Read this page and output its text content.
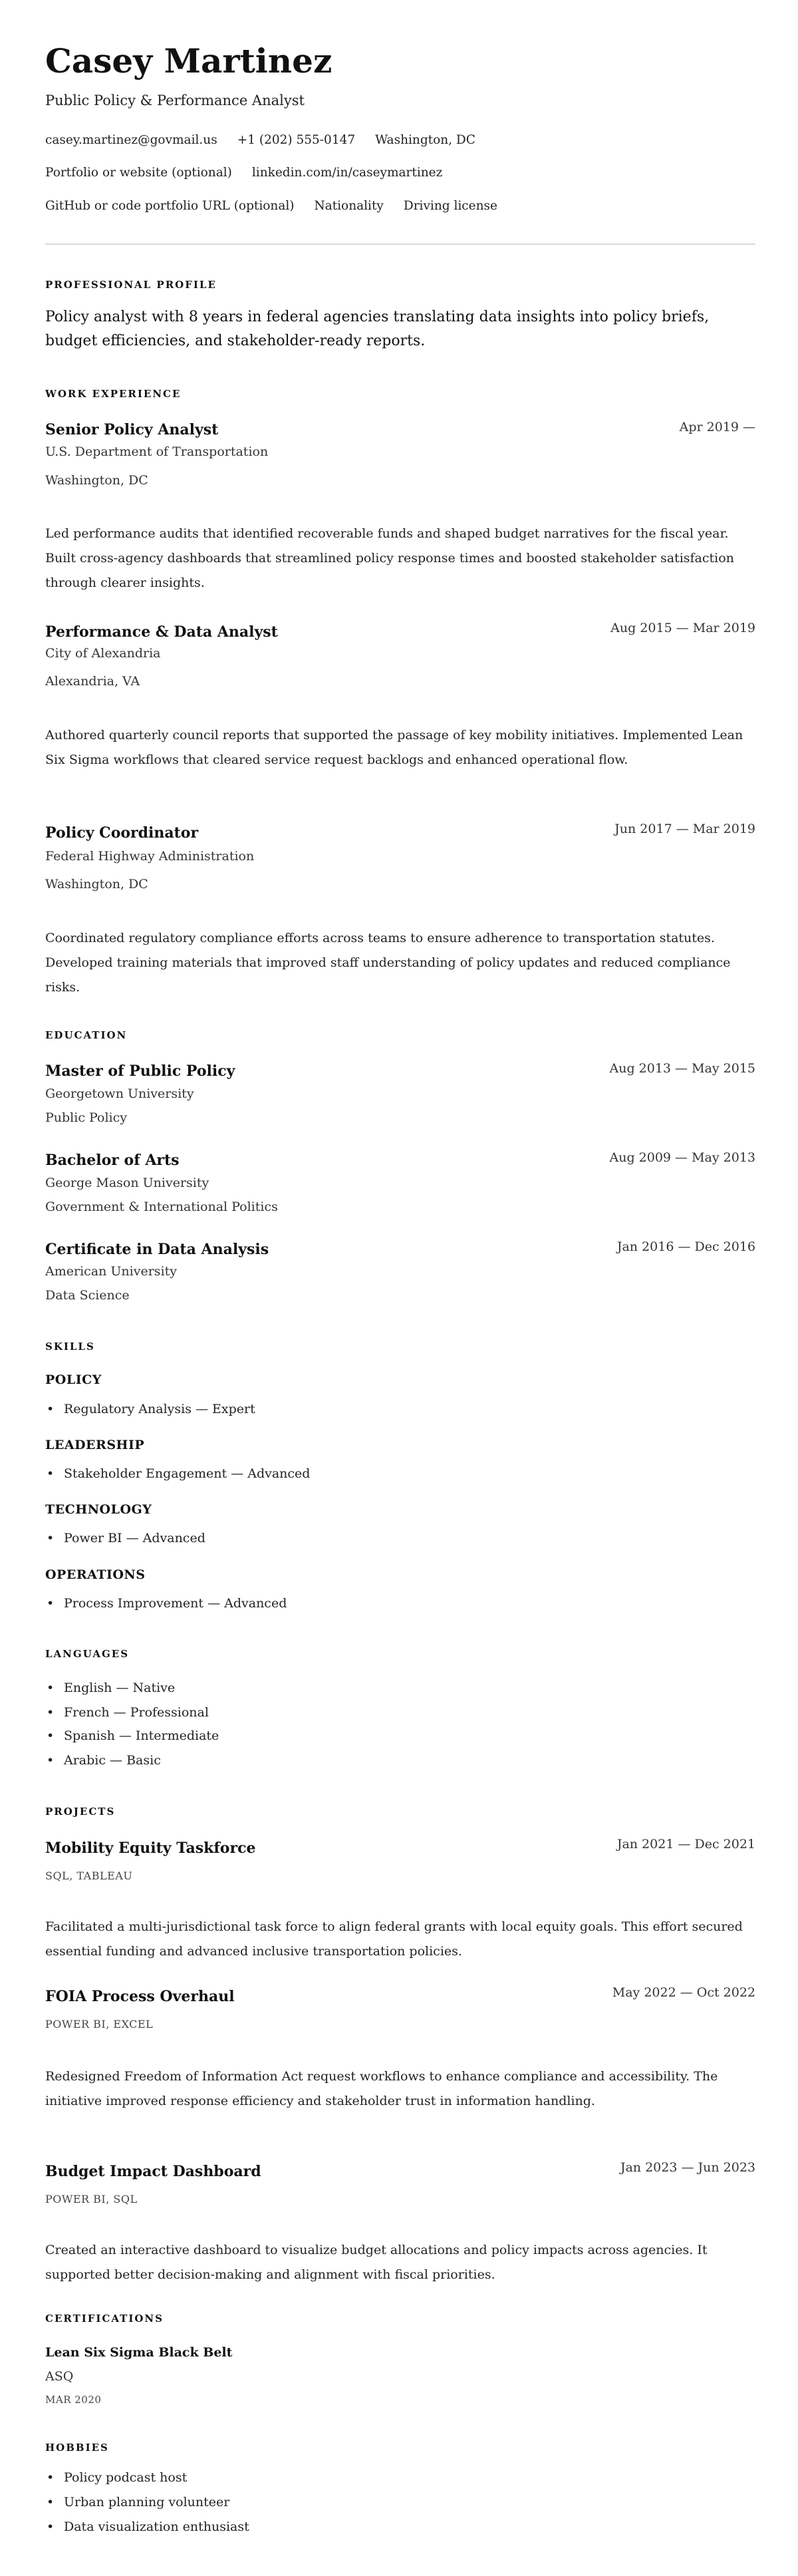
Casey Martinez
Public Policy & Performance Analyst
casey.martinez@govmail.us +1 (202) 555-0147 Washington, DC
Portfolio or website (optional) linkedin.com/in/caseymartinez
GitHub or code portfolio URL (optional) Nationality Driving license
PROFESSIONAL PROFILE
Policy analyst with 8 years in federal agencies translating data insights into policy briefs, budget efficiencies, and stakeholder-ready reports.
WORK EXPERIENCE
Senior Policy Analyst	Apr 2019 —
U.S. Department of Transportation
Washington, DC
Led performance audits that identified recoverable funds and shaped budget narratives for the fiscal year. Built cross-agency dashboards that streamlined policy response times and boosted stakeholder satisfaction through clearer insights.
Performance & Data Analyst	Aug 2015 — Mar 2019
City of Alexandria
Alexandria, VA
Authored quarterly council reports that supported the passage of key mobility initiatives. Implemented Lean Six Sigma workflows that cleared service request backlogs and enhanced operational flow.
Policy Coordinator	Jun 2017 — Mar 2019
Federal Highway Administration
Washington, DC
Coordinated regulatory compliance efforts across teams to ensure adherence to transportation statutes. Developed training materials that improved staff understanding of policy updates and reduced compliance risks.
EDUCATION
Master of Public Policy	Aug 2013 — May 2015
Georgetown University
Public Policy
Bachelor of Arts	Aug 2009 — May 2013
George Mason University
Government & International Politics
Certificate in Data Analysis	Jan 2016 — Dec 2016
American University
Data Science
SKILLS
POLICY
• Regulatory Analysis — Expert
LEADERSHIP
• Stakeholder Engagement — Advanced
TECHNOLOGY
• Power BI — Advanced
OPERATIONS
• Process Improvement — Advanced
LANGUAGES
• English — Native
• French — Professional
• Spanish — Intermediate
• Arabic — Basic
PROJECTS
Mobility Equity Taskforce	Jan 2021 — Dec 2021
SQL, TABLEAU
Facilitated a multi-jurisdictional task force to align federal grants with local equity goals. This effort secured essential funding and advanced inclusive transportation policies.
FOIA Process Overhaul	May 2022 — Oct 2022
POWER BI, EXCEL
Redesigned Freedom of Information Act request workflows to enhance compliance and accessibility. The initiative improved response efficiency and stakeholder trust in information handling.
Budget Impact Dashboard	Jan 2023 — Jun 2023
POWER BI, SQL
Created an interactive dashboard to visualize budget allocations and policy impacts across agencies. It supported better decision-making and alignment with fiscal priorities.
CERTIFICATIONS
Lean Six Sigma Black Belt
ASQ
MAR 2020
HOBBIES
• Policy podcast host
• Urban planning volunteer
• Data visualization enthusiast
